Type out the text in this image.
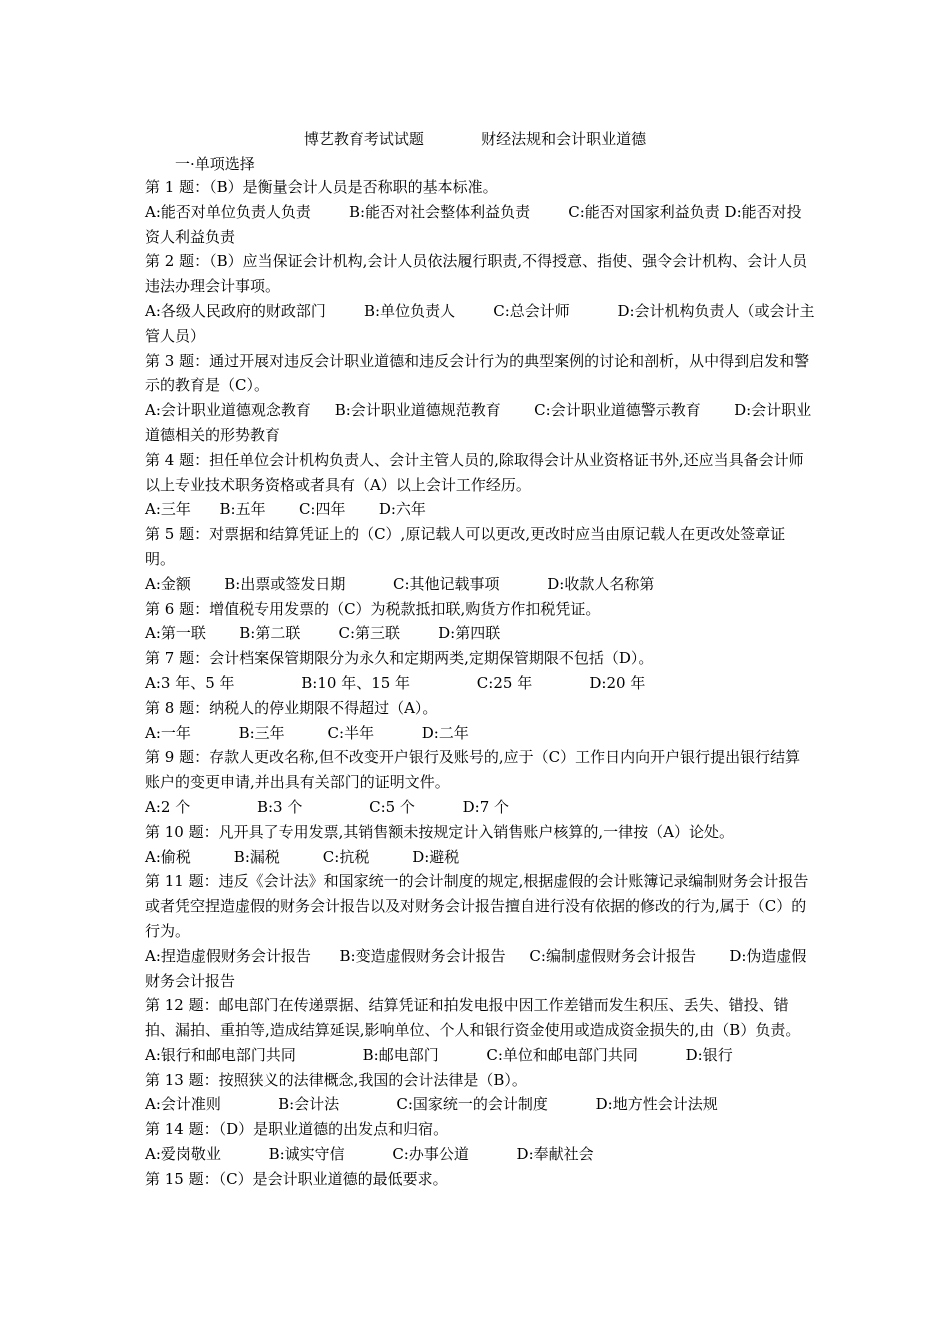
博艺教育考试试题            财经法规和会计职业道德
一·单项选择

第 1 题：（B）是衡量会计人员是否称职的基本标准。

A:能否对单位负责人负责        B:能否对社会整体利益负责        C:能否对国家利益负责 D:能否对投资人利益负责

第 2 题：（B）应当保证会计机构,会计人员依法履行职责,不得授意、指使、强令会计机构、会计人员违法办理会计事项。

A:各级人民政府的财政部门        B:单位负责人        C:总会计师          D:会计机构负责人（或会计主管人员）

第 3 题：通过开展对违反会计职业道德和违反会计行为的典型案例的讨论和剖析，从中得到启发和警示的教育是（C）。

A:会计职业道德观念教育     B:会计职业道德规范教育       C:会计职业道德警示教育       D:会计职业道德相关的形势教育

第 4 题：担任单位会计机构负责人、会计主管人员的,除取得会计从业资格证书外,还应当具备会计师以上专业技术职务资格或者具有（A）以上会计工作经历。

A:三年      B:五年       C:四年       D:六年

第 5 题：对票据和结算凭证上的（C）,原记载人可以更改,更改时应当由原记载人在更改处签章证明。

A:金额       B:出票或签发日期          C:其他记载事项          D:收款人名称第

第 6 题：增值税专用发票的（C）为税款抵扣联,购货方作扣税凭证。

A:第一联       B:第二联        C:第三联        D:第四联

第 7 题：会计档案保管期限分为永久和定期两类,定期保管期限不包括（D）。

A:3 年、5 年              B:10 年、15 年              C:25 年            D:20 年

第 8 题：纳税人的停业期限不得超过（A）。

A:一年          B:三年         C:半年          D:二年

第 9 题：存款人更改名称,但不改变开户银行及账号的,应于（C）工作日内向开户银行提出银行结算账户的变更申请,并出具有关部门的证明文件。

A:2 个              B:3 个              C:5 个          D:7 个

第 10 题：凡开具了专用发票,其销售额未按规定计入销售账户核算的,一律按（A）论处。

A:偷税         B:漏税         C:抗税         D:避税

第 11 题：违反《会计法》和国家统一的会计制度的规定,根据虚假的会计账簿记录编制财务会计报告或者凭空捏造虚假的财务会计报告以及对财务会计报告擅自进行没有依据的修改的行为,属于（C）的行为。

A:捏造虚假财务会计报告      B:变造虚假财务会计报告     C:编制虚假财务会计报告       D:伪造虚假财务会计报告

第 12 题：邮电部门在传递票据、结算凭证和拍发电报中因工作差错而发生积压、丢失、错投、错拍、漏拍、重拍等,造成结算延误,影响单位、个人和银行资金使用或造成资金损失的,由（B）负责。

A:银行和邮电部门共同              B:邮电部门          C:单位和邮电部门共同          D:银行

第 13 题：按照狭义的法律概念,我国的会计法律是（B）。

A:会计准则            B:会计法            C:国家统一的会计制度          D:地方性会计法规

第 14 题：（D）是职业道德的出发点和归宿。

A:爱岗敬业          B:诚实守信          C:办事公道          D:奉献社会

第 15 题：（C）是会计职业道德的最低要求。
